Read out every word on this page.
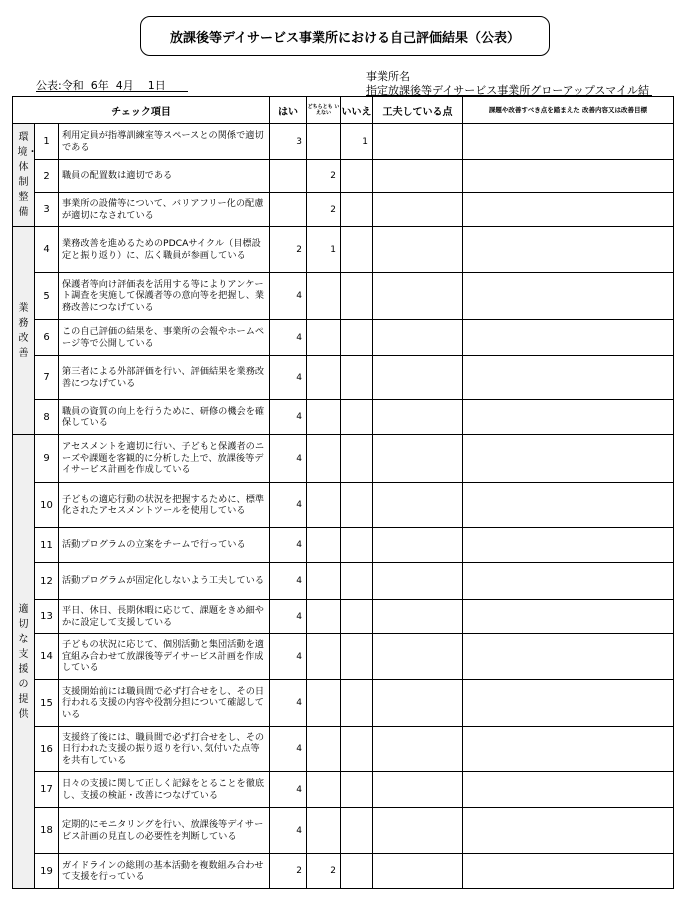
放課後等デイサービス事業所における自己評価結果（公表）
公表:令和 6年 4月 1日
事業所名
指定放課後等デイサービス事業所グローアップスマイル結
チェック項目			はい	どちらとも いえない	いいえ	工夫している点	課題や改善すべき点を踏まえた 改善内容又は改善目標

環境・体制整備	1	利用定員が指導訓練室等スペースとの関係で適切である	3		1		
	2	職員の配置数は適切である		2			
	3	事業所の設備等について、バリアフリー化の配慮が適切になされている		2			

業務改善	4	業務改善を進めるためのPDCAサイクル（目標設定と振り返り）に、広く職員が参画している	2	1			
	5	保護者等向け評価表を活用する等によりアンケート調査を実施して保護者等の意向等を把握し、業務改善につなげている	4				
	6	この自己評価の結果を、事業所の会報やホームページ等で公開している	4				
	7	第三者による外部評価を行い、評価結果を業務改善につなげている	4				
	8	職員の資質の向上を行うために、研修の機会を確保している	4				

適切な支援の提供	9	アセスメントを適切に行い、子どもと保護者のニーズや課題を客観的に分析した上で、放課後等デイサービス計画を作成している	4				
	10	子どもの適応行動の状況を把握するために、標準化されたアセスメントツールを使用している	4				
	11	活動プログラムの立案をチームで行っている	4				
	12	活動プログラムが固定化しないよう工夫している	4				
	13	平日、休日、長期休暇に応じて、課題をきめ細やかに設定して支援している	4				
	14	子どもの状況に応じて、個別活動と集団活動を適宜組み合わせて放課後等デイサービス計画を作成している	4				
	15	支援開始前には職員間で必ず打合せをし、その日行われる支援の内容や役割分担について確認している	4				
	16	支援終了後には、職員間で必ず打合せをし、その日行われた支援の振り返りを行い､気付いた点等を共有している	4				
	17	日々の支援に関して正しく記録をとることを徹底し、支援の検証・改善につなげている	4				
	18	定期的にモニタリングを行い、放課後等デイサービス計画の見直しの必要性を判断している	4				
	19	ガイドラインの総則の基本活動を複数組み合わせて支援を行っている	2	2			
